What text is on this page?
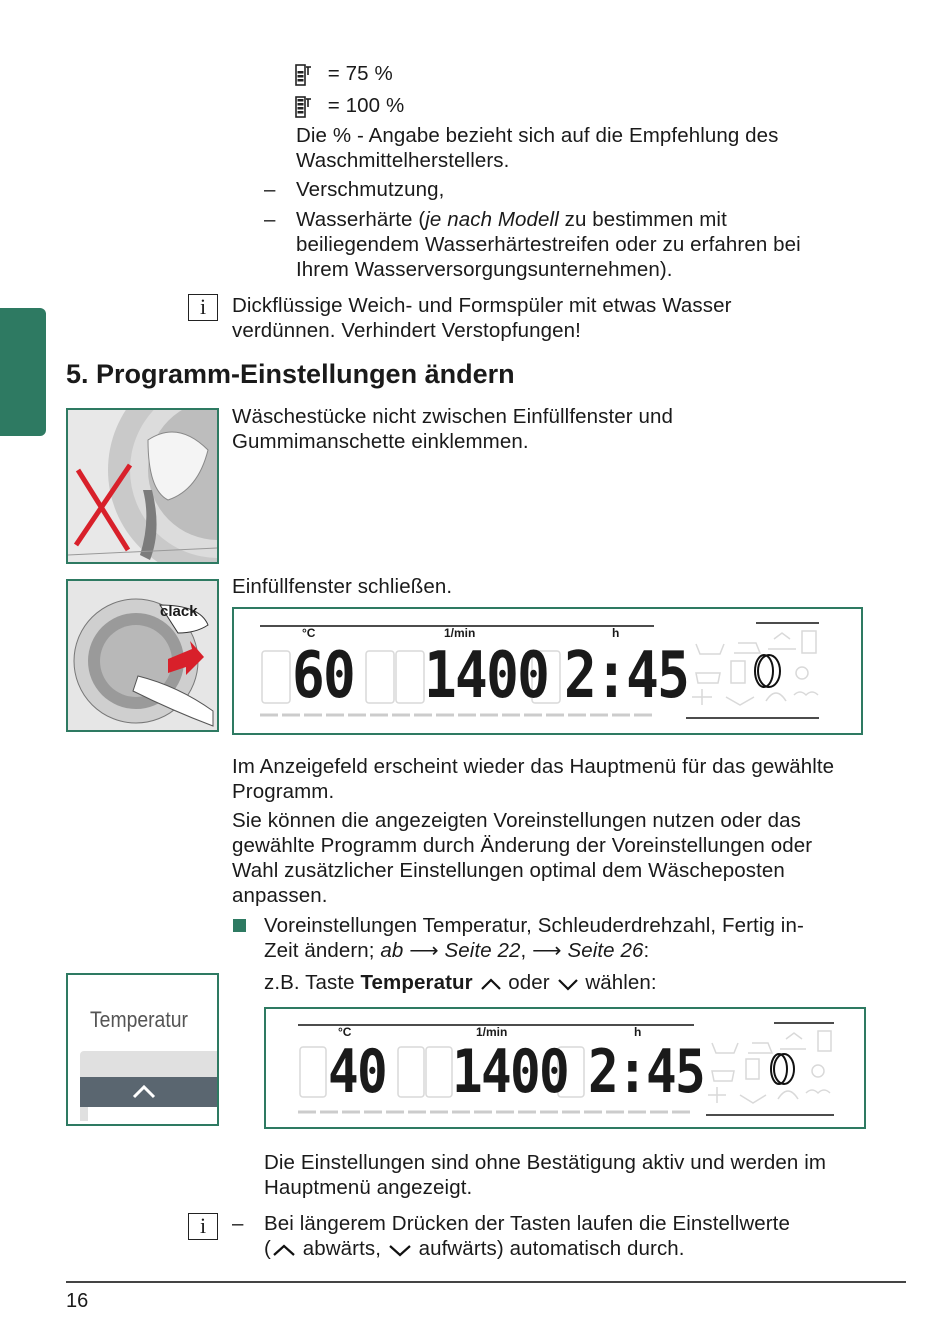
= 75 %
= 100 %
Die % - Angabe bezieht sich auf die Empfehlung des
Waschmittelherstellers.
– Verschmutzung,
– Wasserhärte (je nach Modell zu bestimmen mit
beiliegendem Wasserhärtestreifen oder zu erfahren bei
Ihrem Wasserversorgungsunternehmen).
i	Dickflüssige Weich- und Formspüler mit etwas Wasser
verdünnen. Verhindert Verstopfungen!
5. Programm-Einstellungen ändern
Wäschestücke nicht zwischen Einfüllfenster und
Gummimanschette einklemmen.
clack
Einfüllfenster schließen.
°C	1/min	h
60 1400 2:45
Im Anzeigefeld erscheint wieder das Hauptmenü für das gewählte
Programm.
Sie können die angezeigten Voreinstellungen nutzen oder das
gewählte Programm durch Änderung der Voreinstellungen oder
Wahl zusätzlicher Einstellungen optimal dem Wäscheposten
anpassen.
Voreinstellungen Temperatur, Schleuderdrehzahl, Fertig in-
Zeit ändern; ab ⟶ Seite 22, ⟶ Seite 26:
z.B. Taste Temperatur oder wählen:
Temperatur	°C	1/min	h
40 1400 2:45
Die Einstellungen sind ohne Bestätigung aktiv und werden im
Hauptmenü angezeigt.
i	– Bei längerem Drücken der Tasten laufen die Einstellwerte
( abwärts, aufwärts) automatisch durch.
16
